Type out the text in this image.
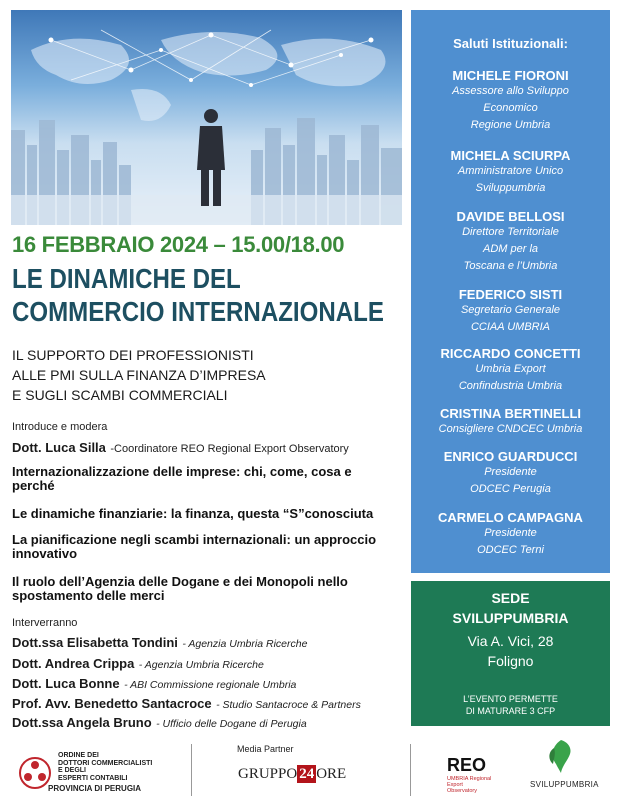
16 FEBBRAIO 2024 – 15.00/18.00
LE DINAMICHE DEL
COMMERCIO INTERNAZIONALE
IL SUPPORTO DEI PROFESSIONISTI
ALLE PMI SULLA FINANZA D’IMPRESA
E SUGLI SCAMBI COMMERCIALI
Introduce e modera
Dott. Luca Silla -Coordinatore REO Regional Export Observatory
Internazionalizzazione delle imprese: chi, come, cosa e perché
Le dinamiche finanziarie: la finanza, questa “S”conosciuta
La pianificazione negli scambi internazionali: un approccio innovativo
Il ruolo dell’Agenzia delle Dogane e dei Monopoli nello spostamento delle merci
Interverranno
Dott.ssa Elisabetta Tondini - Agenzia Umbria Ricerche
Dott. Andrea Crippa - Agenzia Umbria Ricerche
Dott. Luca Bonne - ABI Commissione regionale Umbria
Prof. Avv. Benedetto Santacroce - Studio Santacroce & Partners
Dott.ssa Angela Bruno - Ufficio delle Dogane di Perugia
Saluti Istituzionali:
MICHELE FIORONI
Assessore allo Sviluppo
Economico
Regione Umbria
MICHELA SCIURPA
Amministratore Unico
Sviluppumbria
DAVIDE BELLOSI
Direttore Territoriale
ADM per la
Toscana e l’Umbria
FEDERICO SISTI
Segretario Generale
CCIAA UMBRIA
RICCARDO CONCETTI
Umbria Export
Confindustria Umbria
CRISTINA BERTINELLI
Consigliere CNDCEC Umbria
ENRICO GUARDUCCI
Presidente
ODCEC Perugia
CARMELO CAMPAGNA
Presidente
ODCEC Terni
SEDE
SVILUPPUMBRIA
Via A. Vici, 28
Foligno
L’EVENTO PERMETTE
DI MATURARE 3 CFP
ORDINE DEI
DOTTORI COMMERCIALISTI
E DEGLI
ESPERTI CONTABILI
PROVINCIA DI PERUGIA
Media Partner
GRUPPO 24 ORE	REO
UMBRIA Regional
Export
Observatory
SVILUPPUMBRIA
